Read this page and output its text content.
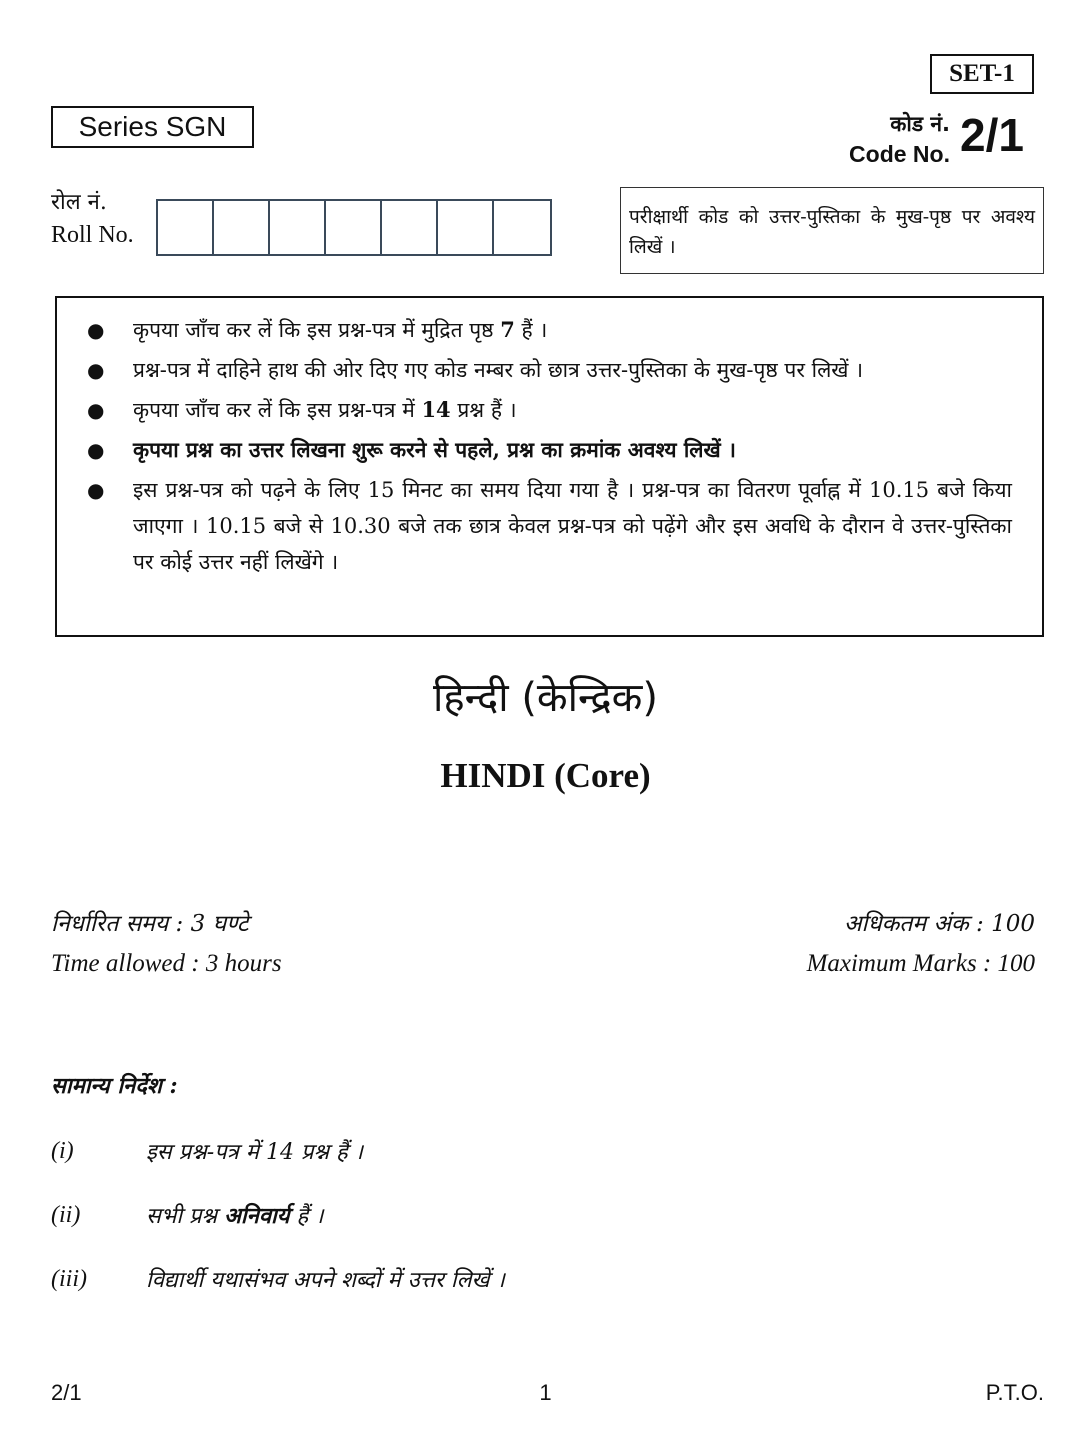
SET-1
Series SGN	कोड नं.
Code No. 2/1
रोल नं.
Roll No.
परीक्षार्थी कोड को उत्तर-पुस्तिका के मुख-पृष्ठ पर अवश्य लिखें ।
● कृपया जाँच कर लें कि इस प्रश्न-पत्र में मुद्रित पृष्ठ 7 हैं ।
● प्रश्न-पत्र में दाहिने हाथ की ओर दिए गए कोड नम्बर को छात्र उत्तर-पुस्तिका के मुख-पृष्ठ पर लिखें ।
● कृपया जाँच कर लें कि इस प्रश्न-पत्र में 14 प्रश्न हैं ।
● कृपया प्रश्न का उत्तर लिखना शुरू करने से पहले, प्रश्न का क्रमांक अवश्य लिखें ।
● इस प्रश्न-पत्र को पढ़ने के लिए 15 मिनट का समय दिया गया है । प्रश्न-पत्र का वितरण पूर्वाह्न में 10.15 बजे किया जाएगा । 10.15 बजे से 10.30 बजे तक छात्र केवल प्रश्न-पत्र को पढ़ेंगे और इस अवधि के दौरान वे उत्तर-पुस्तिका पर कोई उत्तर नहीं लिखेंगे ।
हिन्दी (केन्द्रिक)
HINDI (Core)
निर्धारित समय : 3 घण्टे
Time allowed : 3 hours
अधिकतम अंक : 100
Maximum Marks : 100
सामान्य निर्देश :
(i)	इस प्रश्न-पत्र में 14 प्रश्न हैं ।
(ii)	सभी प्रश्न अनिवार्य हैं ।
(iii)	विद्यार्थी यथासंभव अपने शब्दों में उत्तर लिखें ।
2/1	1	P.T.O.
